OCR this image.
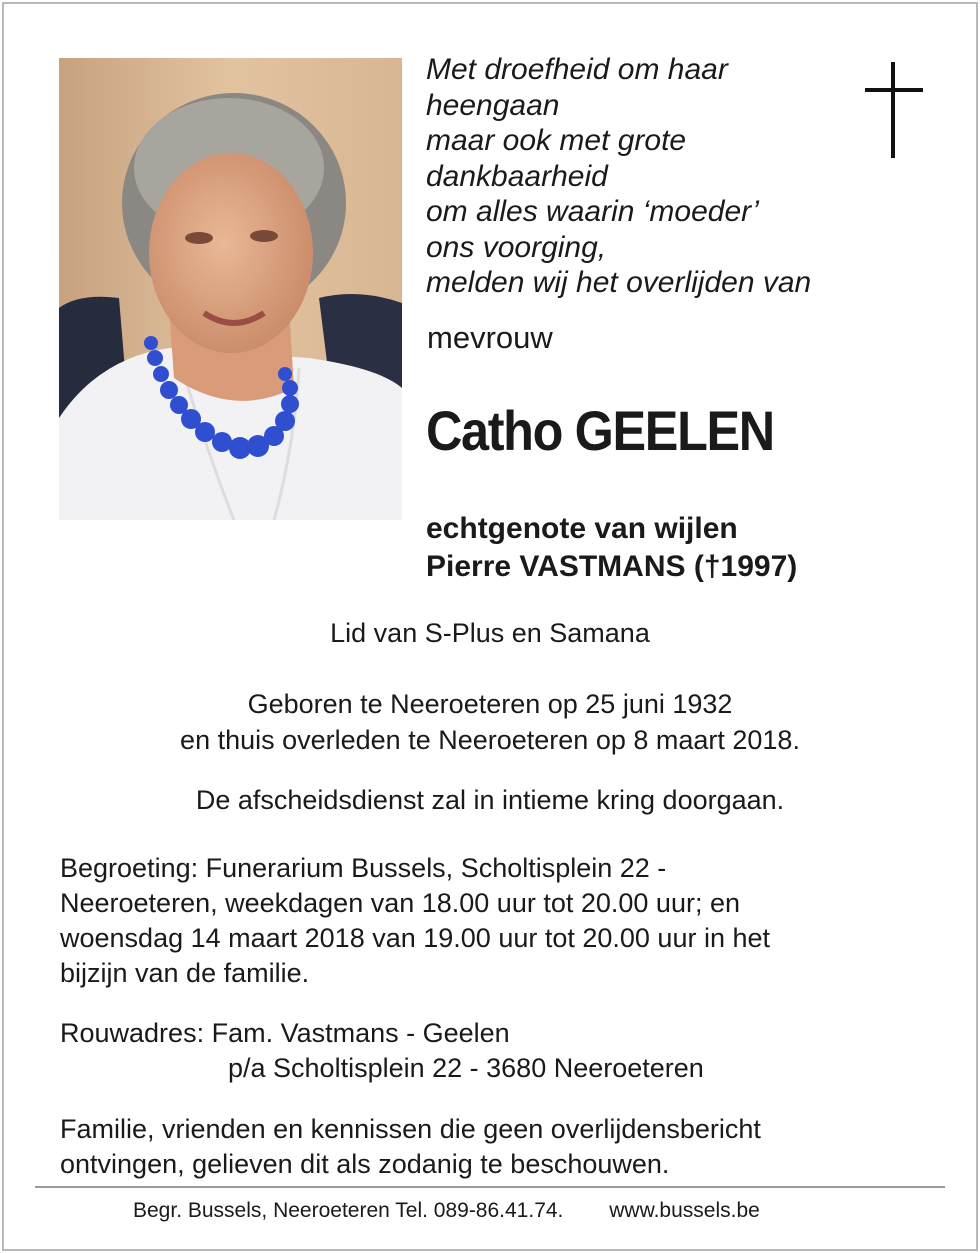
Met droefheid om haar
heengaan
maar ook met grote
dankbaarheid
om alles waarin ‘moeder’
ons voorging,
melden wij het overlijden van
mevrouw
Catho GEELEN
echtgenote van wijlen
Pierre VASTMANS (†1997)
Lid van S-Plus en Samana
Geboren te Neeroeteren op 25 juni 1932
en thuis overleden te Neeroeteren op 8 maart 2018.
De afscheidsdienst zal in intieme kring doorgaan.
Begroeting: Funerarium Bussels, Scholtisplein 22 -
Neeroeteren, weekdagen van 18.00 uur tot 20.00 uur; en
woensdag 14 maart 2018 van 19.00 uur tot 20.00 uur in het
bijzijn van de familie.
Rouwadres: Fam. Vastmans - Geelen
p/a Scholtisplein 22 - 3680 Neeroeteren
Familie, vrienden en kennissen die geen overlijdensbericht
ontvingen, gelieven dit als zodanig te beschouwen.
Begr. Bussels, Neeroeteren Tel. 089-86.41.74. www.bussels.be
